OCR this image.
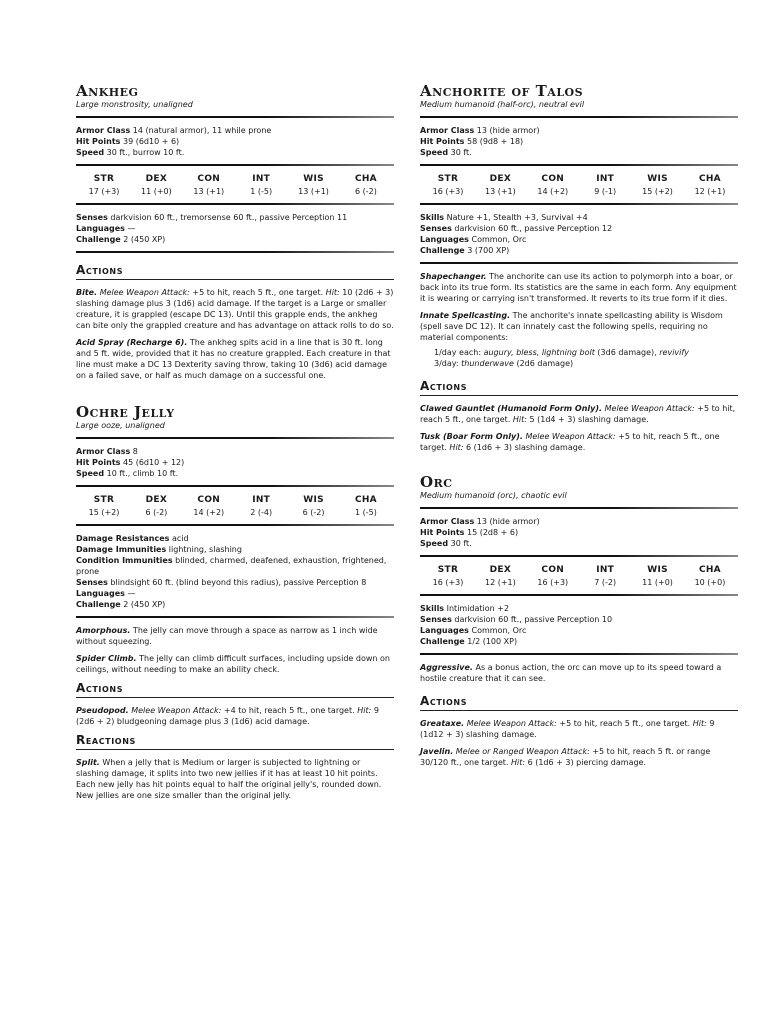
Ankheg

Large monstrosity, unaligned

Armor Class 14 (natural armor), 11 while prone

Hit Points 39 (6d10 + 6)

Speed 30 ft., burrow 10 ft.

STR
17 (+3)
DEX
11 (+0)
CON
13 (+1)
INT
1 (-5)
WIS
13 (+1)
CHA
6 (-2)

Senses darkvision 60 ft., tremorsense 60 ft., passive Perception 11

Languages —

Challenge 2 (450 XP)

Actions

Bite. Melee Weapon Attack: +5 to hit, reach 5 ft., one target. Hit: 10 (2d6 + 3) slashing damage plus 3 (1d6) acid damage. If the target is a Large or smaller creature, it is grappled (escape DC 13). Until this grapple ends, the ankheg can bite only the grappled creature and has advantage on attack rolls to do so.

Acid Spray (Recharge 6). The ankheg spits acid in a line that is 30 ft. long and 5 ft. wide, provided that it has no creature grappled. Each creature in that line must make a DC 13 Dexterity saving throw, taking 10 (3d6) acid damage on a failed save, or half as much damage on a successful one.

Ochre Jelly

Large ooze, unaligned

Armor Class 8

Hit Points 45 (6d10 + 12)

Speed 10 ft., climb 10 ft.

STR
15 (+2)
DEX
6 (-2)
CON
14 (+2)
INT
2 (-4)
WIS
6 (-2)
CHA
1 (-5)

Damage Resistances acid

Damage Immunities lightning, slashing

Condition Immunities blinded, charmed, deafened, exhaustion, frightened, prone

Senses blindsight 60 ft. (blind beyond this radius), passive Perception 8

Languages —

Challenge 2 (450 XP)

Amorphous. The jelly can move through a space as narrow as 1 inch wide without squeezing.

Spider Climb. The jelly can climb difficult surfaces, including upside down on ceilings, without needing to make an ability check.

Actions

Pseudopod. Melee Weapon Attack: +4 to hit, reach 5 ft., one target. Hit: 9 (2d6 + 2) bludgeoning damage plus 3 (1d6) acid damage.

Reactions

Split. When a jelly that is Medium or larger is subjected to lightning or slashing damage, it splits into two new jellies if it has at least 10 hit points. Each new jelly has hit points equal to half the original jelly's, rounded down. New jellies are one size smaller than the original jelly.

Anchorite of Talos

Medium humanoid (half-orc), neutral evil

Armor Class 13 (hide armor)

Hit Points 58 (9d8 + 18)

Speed 30 ft.

STR
16 (+3)
DEX
13 (+1)
CON
14 (+2)
INT
9 (-1)
WIS
15 (+2)
CHA
12 (+1)

Skills Nature +1, Stealth +3, Survival +4

Senses darkvision 60 ft., passive Perception 12

Languages Common, Orc

Challenge 3 (700 XP)

Shapechanger. The anchorite can use its action to polymorph into a boar, or back into its true form. Its statistics are the same in each form. Any equipment it is wearing or carrying isn't transformed. It reverts to its true form if it dies.

Innate Spellcasting. The anchorite's innate spellcasting ability is Wisdom (spell save DC 12). It can innately cast the following spells, requiring no material components:

1/day each: augury, bless, lightning bolt (3d6 damage), revivify

3/day: thunderwave (2d6 damage)

Actions

Clawed Gauntlet (Humanoid Form Only). Melee Weapon Attack: +5 to hit, reach 5 ft., one target. Hit: 5 (1d4 + 3) slashing damage.

Tusk (Boar Form Only). Melee Weapon Attack: +5 to hit, reach 5 ft., one target. Hit: 6 (1d6 + 3) slashing damage.

Orc

Medium humanoid (orc), chaotic evil

Armor Class 13 (hide armor)

Hit Points 15 (2d8 + 6)

Speed 30 ft.

STR
16 (+3)
DEX
12 (+1)
CON
16 (+3)
INT
7 (-2)
WIS
11 (+0)
CHA
10 (+0)

Skills Intimidation +2

Senses darkvision 60 ft., passive Perception 10

Languages Common, Orc

Challenge 1/2 (100 XP)

Aggressive. As a bonus action, the orc can move up to its speed toward a hostile creature that it can see.

Actions

Greataxe. Melee Weapon Attack: +5 to hit, reach 5 ft., one target. Hit: 9 (1d12 + 3) slashing damage.

Javelin. Melee or Ranged Weapon Attack: +5 to hit, reach 5 ft. or range 30/120 ft., one target. Hit: 6 (1d6 + 3) piercing damage.
